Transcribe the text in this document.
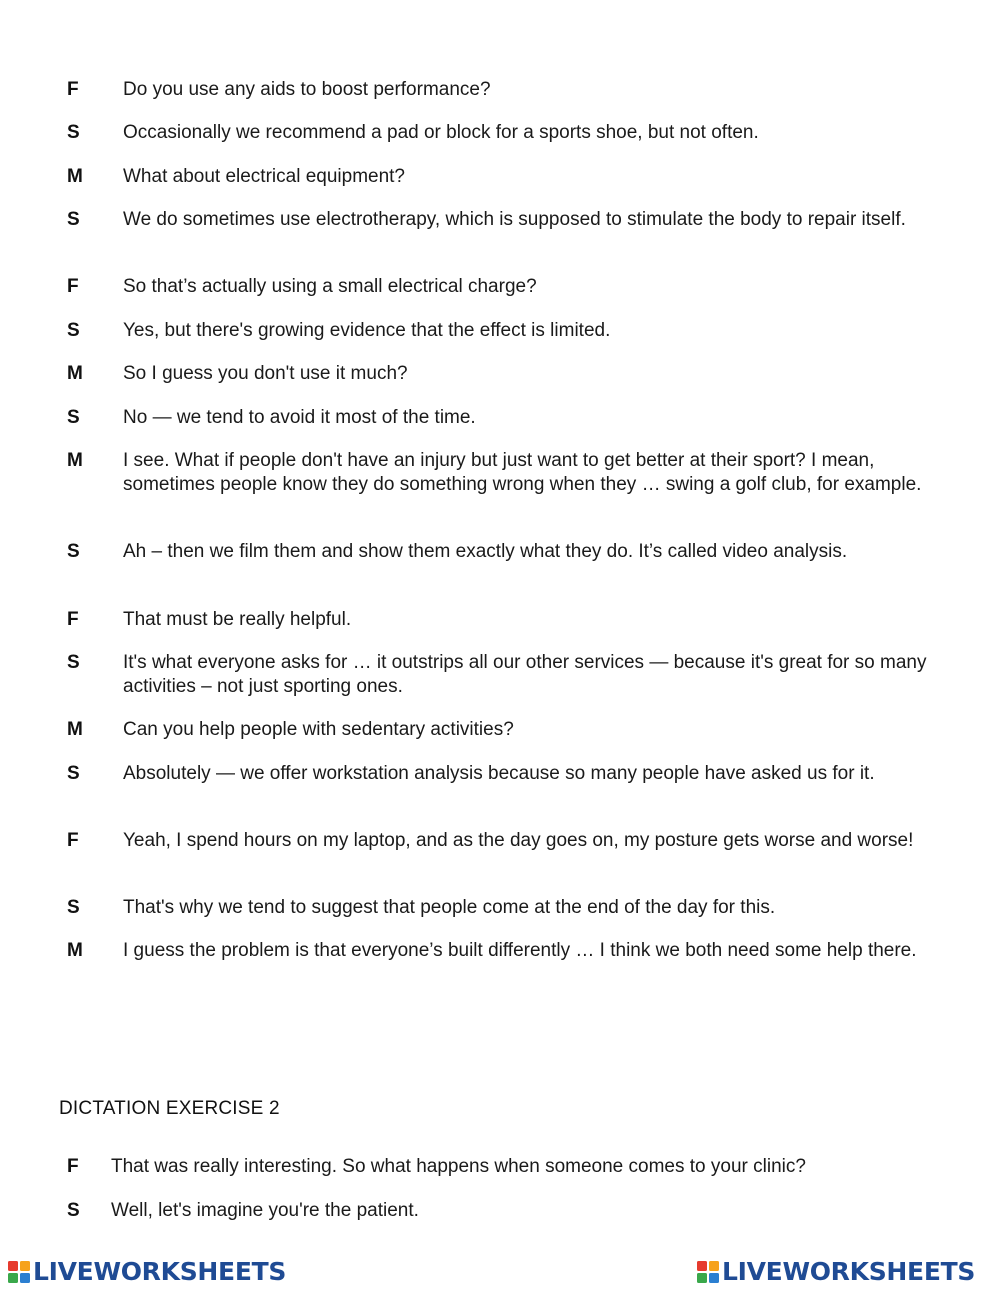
F Do you use any aids to boost performance?
S Occasionally we recommend a pad or block for a sports shoe, but not often.
M What about electrical equipment?
S We do sometimes use electrotherapy, which is supposed to stimulate the body to repair itself.
F So that’s actually using a small electrical charge?
S Yes, but there's growing evidence that the effect is limited.
M So I guess you don't use it much?
S No — we tend to avoid it most of the time.
M I see. What if people don't have an injury but just want to get better at their sport? I mean, sometimes people know they do something wrong when they … swing a golf club, for example.
S Ah – then we film them and show them exactly what they do. It’s called video analysis.
F That must be really helpful.
S It's what everyone asks for … it outstrips all our other services — because it's great for so many activities – not just sporting ones.
M Can you help people with sedentary activities?
S Absolutely — we offer workstation analysis because so many people have asked us for it.
F Yeah, I spend hours on my laptop, and as the day goes on, my posture gets worse and worse!
S That's why we tend to suggest that people come at the end of the day for this.
M I guess the problem is that everyone’s built differently … I think we both need some help there.
DICTATION EXERCISE 2
F That was really interesting. So what happens when someone comes to your clinic?
S Well, let's imagine you're the patient.
LIVEWORKSHEETS	LIVEWORKSHEETS
